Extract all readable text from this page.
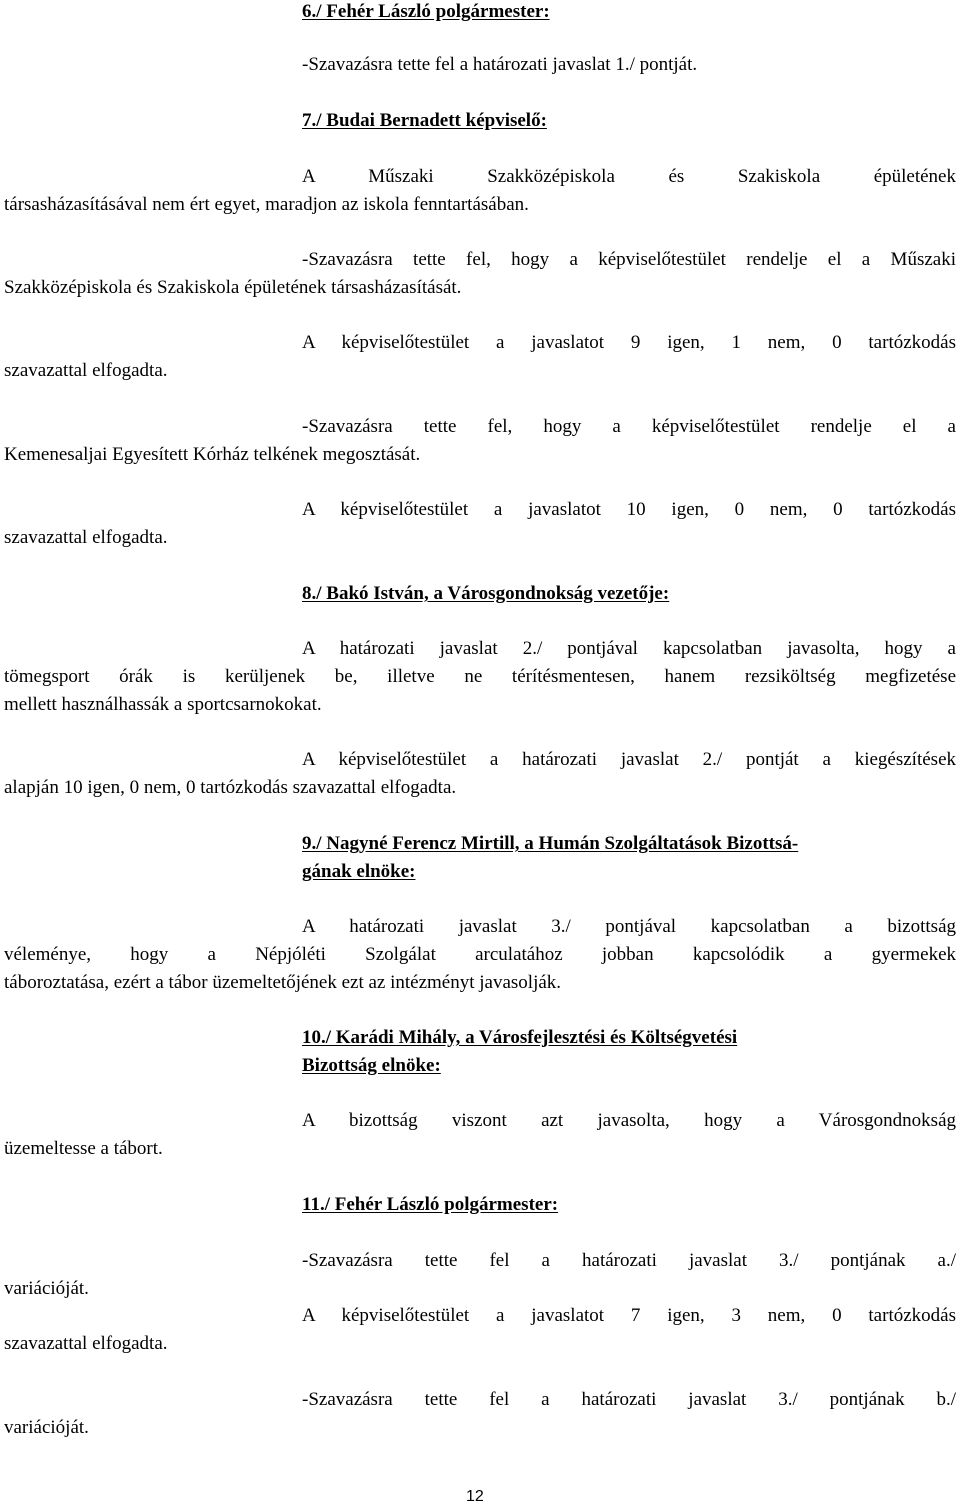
6./ Fehér László polgármester:
-Szavazásra tette fel a határozati javaslat 1./ pontját.
7./ Budai Bernadett képviselő:
A Műszaki Szakközépiskola és Szakiskola épületének
társasházasításával nem ért egyet, maradjon az iskola fenntartásában.
-Szavazásra tette fel, hogy a képviselőtestület rendelje el a Műszaki
Szakközépiskola és Szakiskola épületének társasházasítását.
A képviselőtestület a javaslatot 9 igen, 1 nem, 0 tartózkodás
szavazattal elfogadta.
-Szavazásra tette fel, hogy a képviselőtestület rendelje el a
Kemenesaljai Egyesített Kórház telkének megosztását.
A képviselőtestület a javaslatot 10 igen, 0 nem, 0 tartózkodás
szavazattal elfogadta.
8./ Bakó István, a Városgondnokság vezetője:
A határozati javaslat 2./ pontjával kapcsolatban javasolta, hogy a
tömegsport órák is kerüljenek be, illetve ne térítésmentesen, hanem rezsiköltség megfizetése
mellett használhassák a sportcsarnokokat.
A képviselőtestület a határozati javaslat 2./ pontját a kiegészítések
alapján 10 igen, 0 nem, 0 tartózkodás szavazattal elfogadta.
9./ Nagyné Ferencz Mirtill, a Humán Szolgáltatások Bizottsá-
gának elnöke:
A határozati javaslat 3./ pontjával kapcsolatban a bizottság
véleménye, hogy a Népjóléti Szolgálat arculatához jobban kapcsolódik a gyermekek
táboroztatása, ezért a tábor üzemeltetőjének ezt az intézményt javasolják.
10./ Karádi Mihály, a Városfejlesztési és Költségvetési
Bizottság elnöke:
A bizottság viszont azt javasolta, hogy a Városgondnokság
üzemeltesse a tábort.
11./ Fehér László polgármester:
-Szavazásra tette fel a határozati javaslat 3./ pontjának a./
variációját.
A képviselőtestület a javaslatot 7 igen, 3 nem, 0 tartózkodás
szavazattal elfogadta.
-Szavazásra tette fel a határozati javaslat 3./ pontjának b./
variációját.
12
